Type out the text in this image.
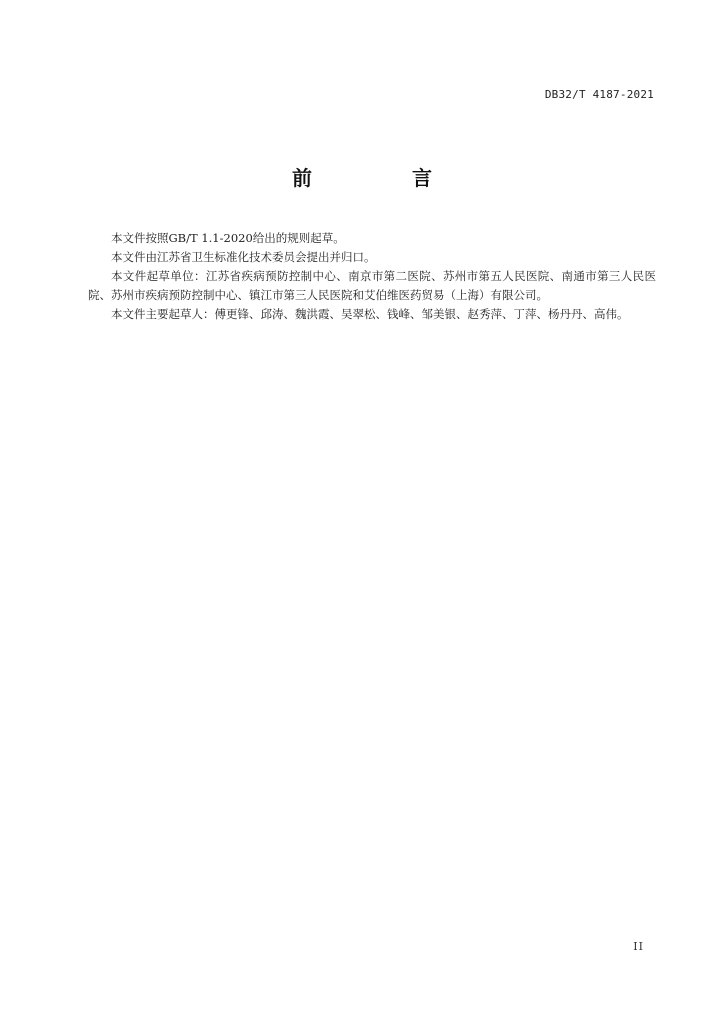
DB32/T 4187-2021
前　言

本文件按照GB/T 1.1-2020给出的规则起草。

本文件由江苏省卫生标准化技术委员会提出并归口。

本文件起草单位：江苏省疾病预防控制中心、南京市第二医院、苏州市第五人民医院、南通市第三人民医院、苏州市疾病预防控制中心、镇江市第三人民医院和艾伯维医药贸易（上海）有限公司。

本文件主要起草人：傅更锋、邱涛、魏洪霞、吴翠松、钱峰、邹美银、赵秀萍、丁萍、杨丹丹、高伟。

II
